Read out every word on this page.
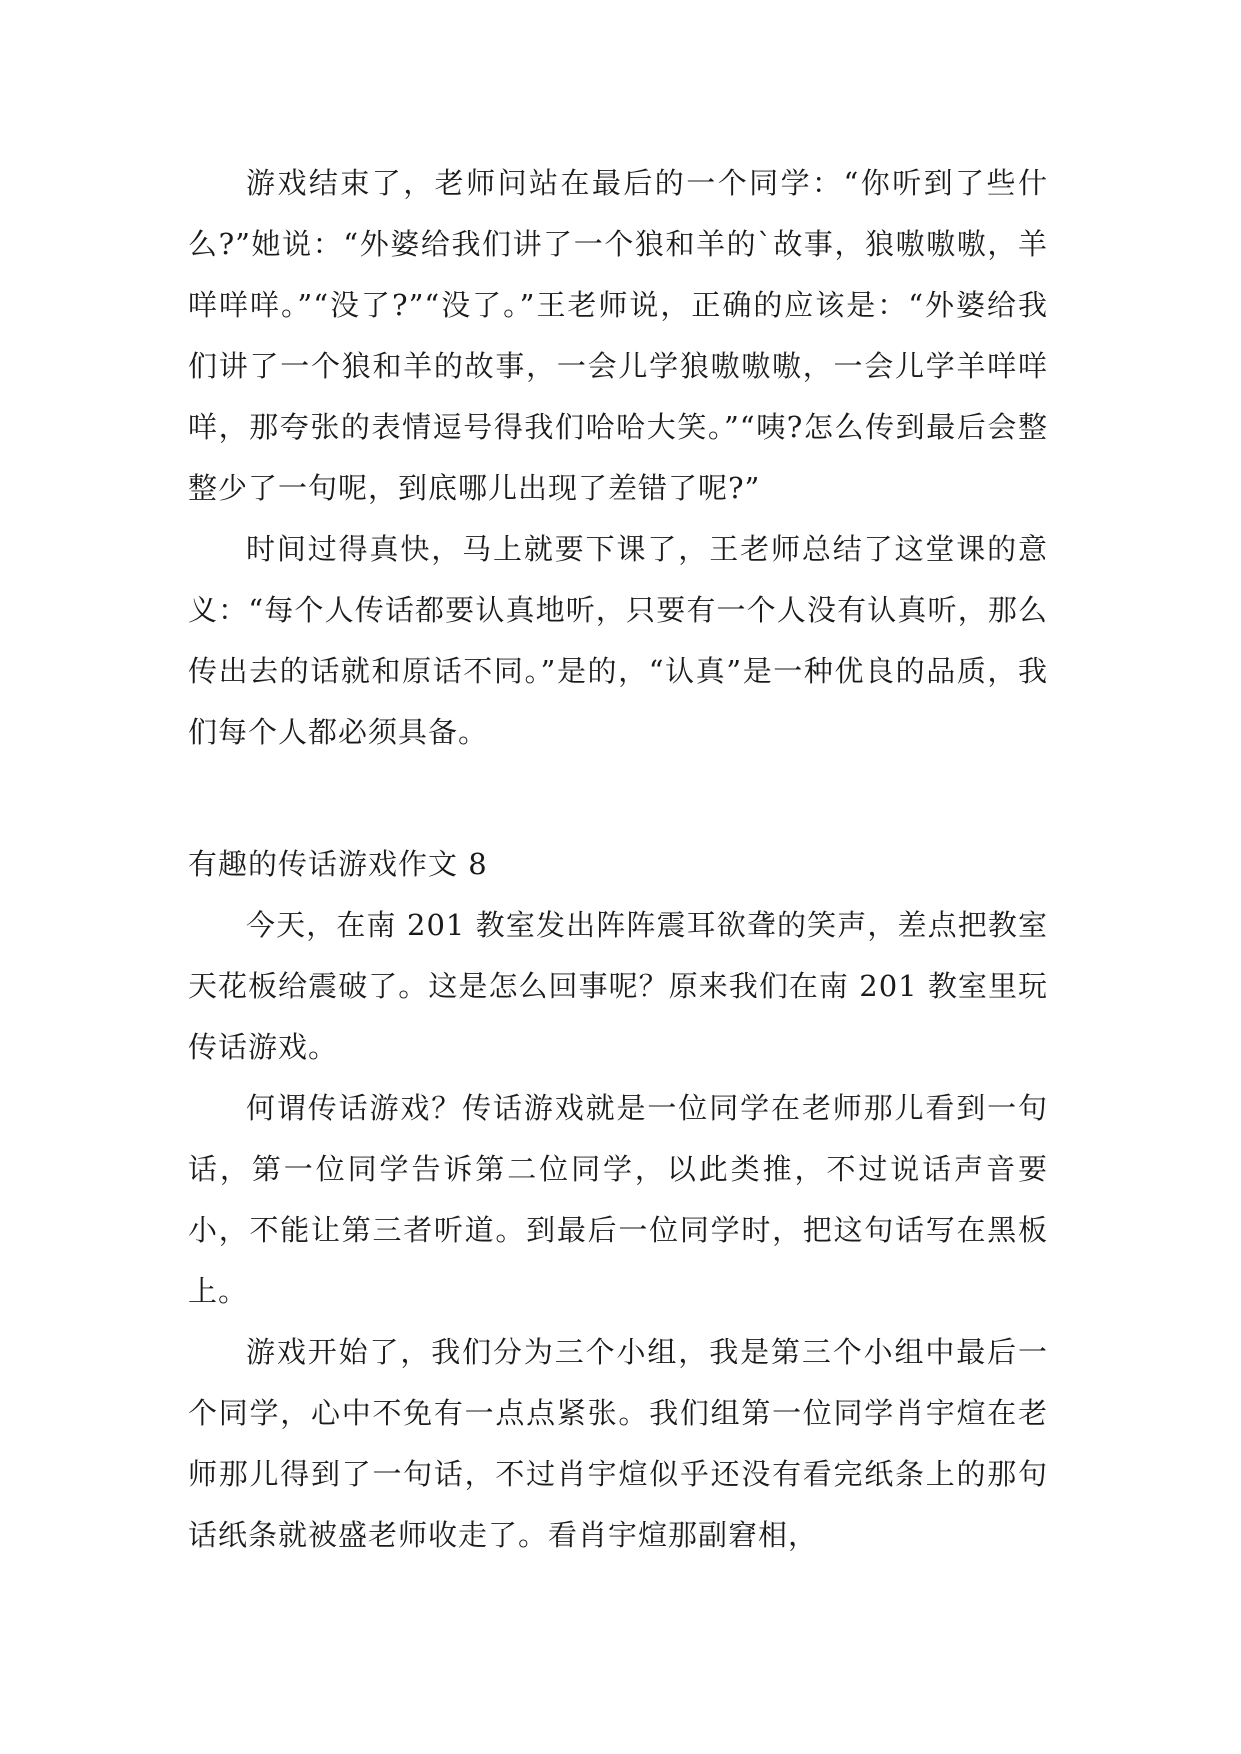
游戏结束了，老师问站在最后的一个同学：“你听到了些什么?”她说：“外婆给我们讲了一个狼和羊的`故事，狼嗷嗷嗷，羊咩咩咩。”“没了?”“没了。”王老师说，正确的应该是：“外婆给我们讲了一个狼和羊的故事，一会儿学狼嗷嗷嗷，一会儿学羊咩咩咩，那夸张的表情逗号得我们哈哈大笑。”“咦?怎么传到最后会整整少了一句呢，到底哪儿出现了差错了呢?”

时间过得真快，马上就要下课了，王老师总结了这堂课的意义：“每个人传话都要认真地听，只要有一个人没有认真听，那么传出去的话就和原话不同。”是的，“认真”是一种优良的品质，我们每个人都必须具备。

有趣的传话游戏作文 8

今天，在南 201 教室发出阵阵震耳欲聋的笑声，差点把教室天花板给震破了。这是怎么回事呢？原来我们在南 201 教室里玩传话游戏。

何谓传话游戏？传话游戏就是一位同学在老师那儿看到一句话，第一位同学告诉第二位同学，以此类推，不过说话声音要小，不能让第三者听道。到最后一位同学时，把这句话写在黑板上。

游戏开始了，我们分为三个小组，我是第三个小组中最后一个同学，心中不免有一点点紧张。我们组第一位同学肖宇煊在老师那儿得到了一句话，不过肖宇煊似乎还没有看完纸条上的那句话纸条就被盛老师收走了。看肖宇煊那副窘相，
